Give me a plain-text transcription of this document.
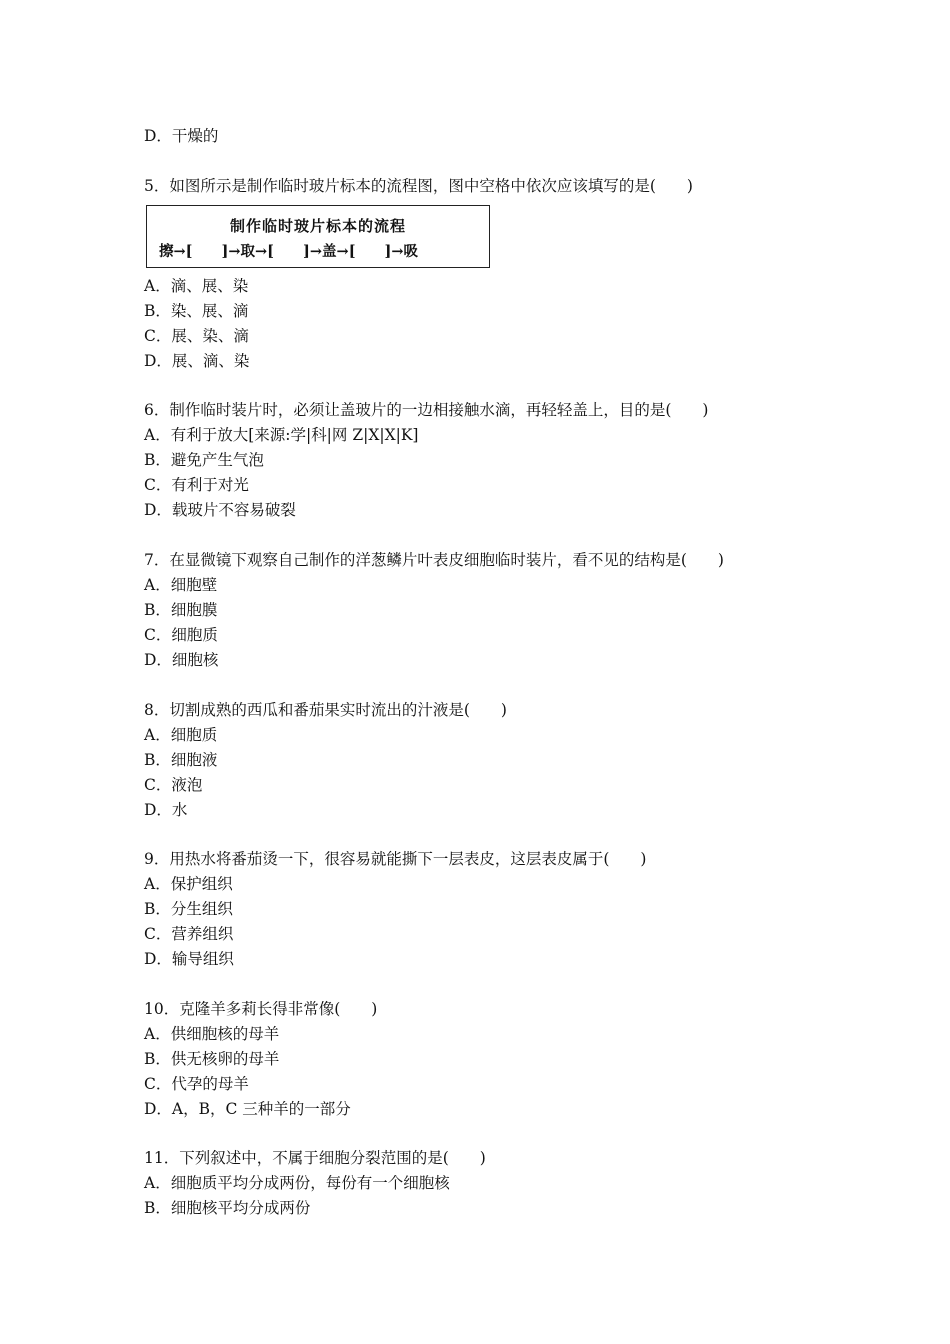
D．干燥的
5．如图所示是制作临时玻片标本的流程图，图中空格中依次应该填写的是(　　)
制作临时玻片标本的流程
擦→[　　]→取→[　　]→盖→[　　]→吸
A．滴、展、染
B．染、展、滴
C．展、染、滴
D．展、滴、染
6．制作临时装片时，必须让盖玻片的一边相接触水滴，再轻轻盖上，目的是(　　)
A．有利于放大[来源:学|科|网 Z|X|X|K]
B．避免产生气泡
C．有利于对光
D．载玻片不容易破裂
7．在显微镜下观察自己制作的洋葱鳞片叶表皮细胞临时装片，看不见的结构是(　　)
A．细胞壁
B．细胞膜
C．细胞质
D．细胞核
8．切割成熟的西瓜和番茄果实时流出的汁液是(　　)
A．细胞质
B．细胞液
C．液泡
D．水
9．用热水将番茄烫一下，很容易就能撕下一层表皮，这层表皮属于(　　)
A．保护组织
B．分生组织
C．营养组织
D．输导组织
10．克隆羊多莉长得非常像(　　)
A．供细胞核的母羊
B．供无核卵的母羊
C．代孕的母羊
D．A，B，C 三种羊的一部分
11．下列叙述中，不属于细胞分裂范围的是(　　)
A．细胞质平均分成两份，每份有一个细胞核
B．细胞核平均分成两份
